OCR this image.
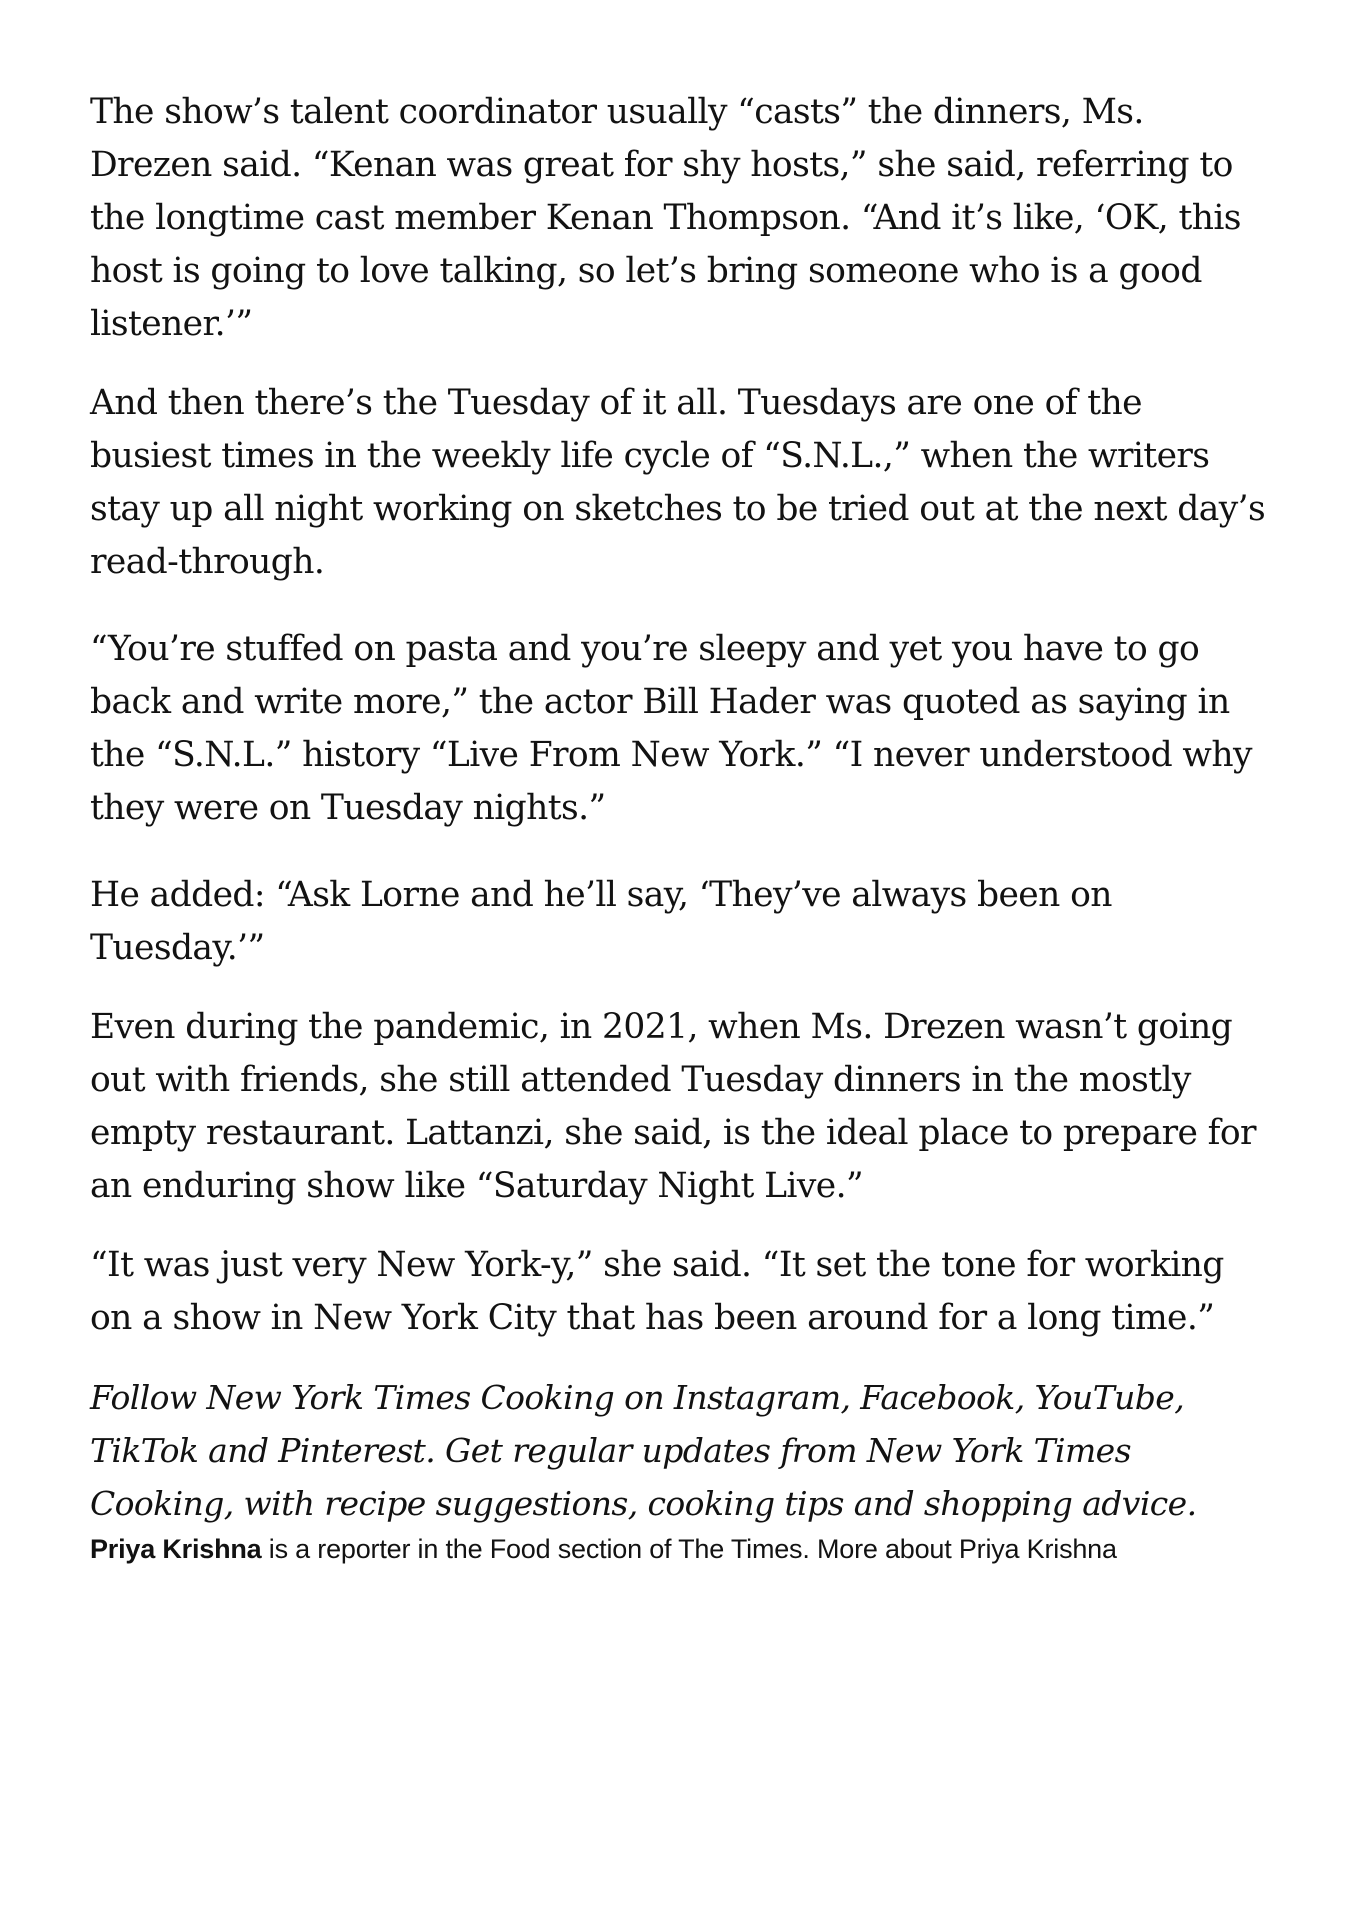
The show’s talent coordinator usually “casts” the dinners, Ms. Drezen said. “Kenan was great for shy hosts,” she said, referring to the longtime cast member Kenan Thompson. “And it’s like, ‘OK, this host is going to love talking, so let’s bring someone who is a good listener.’”

And then there’s the Tuesday of it all. Tuesdays are one of the busiest times in the weekly life cycle of “S.N.L.,” when the writers stay up all night working on sketches to be tried out at the next day’s read-through.

“You’re stuffed on pasta and you’re sleepy and yet you have to go back and write more,” the actor Bill Hader was quoted as saying in the “S.N.L.” history “Live From New York.” “I never understood why they were on Tuesday nights.”

He added: “Ask Lorne and he’ll say, ‘They’ve always been on Tuesday.’”

Even during the pandemic, in 2021, when Ms. Drezen wasn’t going out with friends, she still attended Tuesday dinners in the mostly empty restaurant. Lattanzi, she said, is the ideal place to prepare for an enduring show like “Saturday Night Live.”

“It was just very New York-y,” she said. “It set the tone for working on a show in New York City that has been around for a long time.”

Follow New York Times Cooking on Instagram, Facebook, YouTube, TikTok and Pinterest. Get regular updates from New York Times Cooking, with recipe suggestions, cooking tips and shopping advice.

Priya Krishna is a reporter in the Food section of The Times. More about Priya Krishna
